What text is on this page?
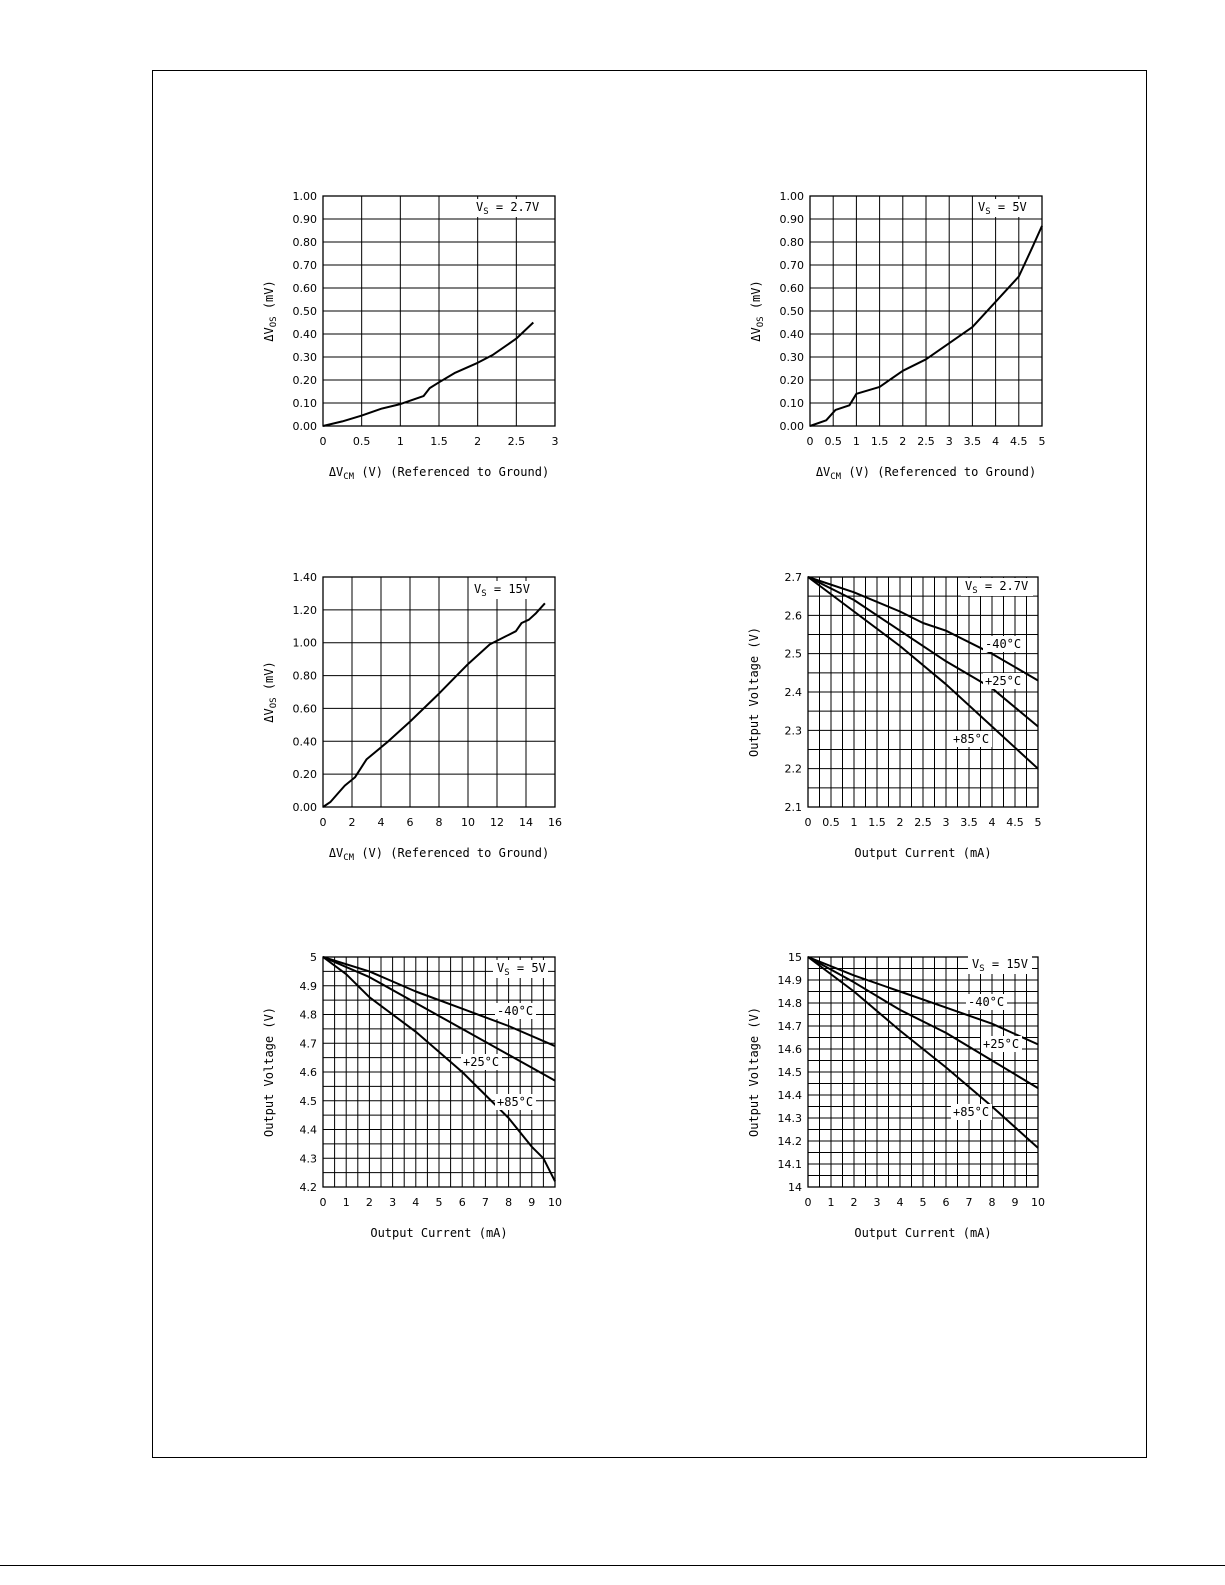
0 0.5 1 1.5 2 2.5 3
0.00
0.10
0.20
0.30
0.40
0.50
0.60
0.70
0.80
0.90
1.00
ΔVCM (V) (Referenced to Ground)
ΔVOS (mV)
VS = 2.7V
0 0.5 1 1.5 2 2.5 3 3.5 4 4.5 5
0.00
0.10
0.20
0.30
0.40
0.50
0.60
0.70
0.80
0.90
1.00
ΔVCM (V) (Referenced to Ground)
ΔVOS (mV)
VS = 5V
0 2 4 6 8 10 12 14 16
0.00
0.20
0.40
0.60
0.80
1.00
1.20
1.40
ΔVCM (V) (Referenced to Ground)
ΔVOS (mV)
VS = 15V
0 0.5 1 1.5 2 2.5 3 3.5 4 4.5 5
2.1
2.2
2.3
2.4
2.5
2.6
2.7
Output Current (mA)
Output Voltage (V)
VS = 2.7V
-40°C
+25°C
+85°C
0 1 2 3 4 5 6 7 8 9 10
4.2
4.3
4.4
4.5
4.6
4.7
4.8
4.9
5
Output Current (mA)
Output Voltage (V)
VS = 5V
-40°C
+25°C
+85°C
0 1 2 3 4 5 6 7 8 9 10
14
14.1
14.2
14.3
14.4
14.5
14.6
14.7
14.8
14.9
15
Output Current (mA)
Output Voltage (V)
VS = 15V
-40°C
+25°C
+85°C
